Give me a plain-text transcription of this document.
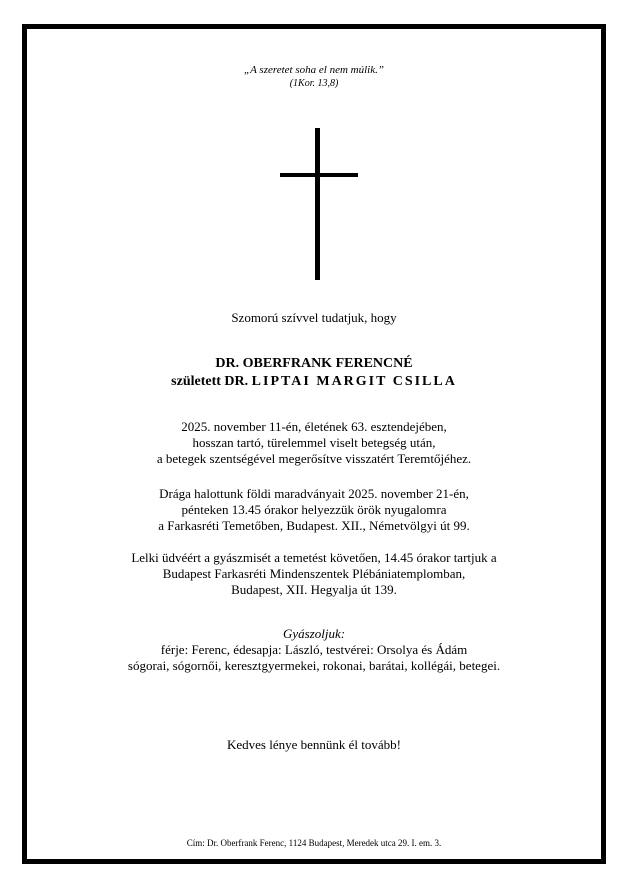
„A szeretet soha el nem múlik.”
(1Kor. 13,8)
Szomorú szívvel tudatjuk, hogy
DR. OBERFRANK FERENCNÉ
született DR. LIPTAI MARGIT CSILLA
2025. november 11-én, életének 63. esztendejében,
hosszan tartó, türelemmel viselt betegség után,
a betegek szentségével megerősítve visszatért Teremtőjéhez.
Drága halottunk földi maradványait 2025. november 21-én,
pénteken 13.45 órakor helyezzük örök nyugalomra
a Farkasréti Temetőben, Budapest. XII., Németvölgyi út 99.
Lelki üdvéért a gyászmisét a temetést követően, 14.45 órakor tartjuk a
Budapest Farkasréti Mindenszentek Plébániatemplomban,
Budapest, XII. Hegyalja út 139.
Gyászoljuk:
férje: Ferenc, édesapja: László, testvérei: Orsolya és Ádám
sógorai, sógornői, keresztgyermekei, rokonai, barátai, kollégái, betegei.
Kedves lénye bennünk él tovább!
Cím: Dr. Oberfrank Ferenc, 1124 Budapest, Meredek utca 29. I. em. 3.
